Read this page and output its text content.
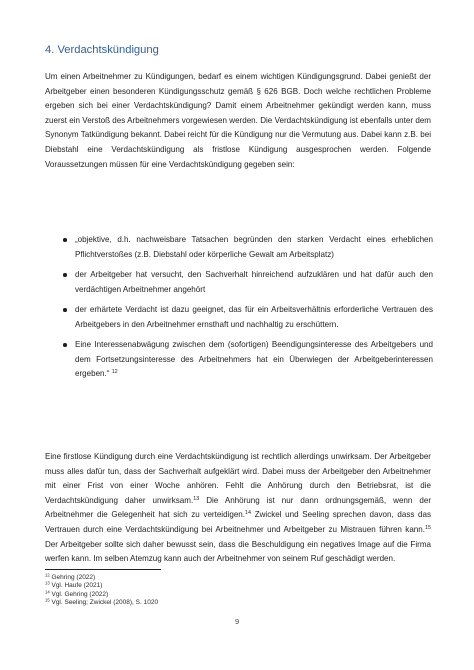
4. Verdachtskündigung

Um einen Arbeitnehmer zu Kündigungen, bedarf es einem wichtigen Kündigungsgrund. Dabei genießt der Arbeitgeber einen besonderen Kündigungsschutz gemäß § 626 BGB. Doch welche rechtlichen Probleme ergeben sich bei einer Verdachtskündigung? Damit einem Arbeitnehmer gekündigt werden kann, muss zuerst ein Verstoß des Arbeitnehmers vorgewiesen werden. Die Verdachtskündigung ist ebenfalls unter dem Synonym Tatkündigung bekannt. Dabei reicht für die Kündigung nur die Vermutung aus. Dabei kann z.B. bei Diebstahl eine Verdachtskündigung als fristlose Kündigung ausgesprochen werden. Folgende Voraussetzungen müssen für eine Verdachtskündigung gegeben sein:

„objektive, d.h. nachweisbare Tatsachen begründen den starken Verdacht eines erheblichen Pflichtverstoßes (z.B. Diebstahl oder körperliche Gewalt am Arbeitsplatz)
der Arbeitgeber hat versucht, den Sachverhalt hinreichend aufzuklären und hat dafür auch den verdächtigen Arbeitnehmer angehört
der erhärtete Verdacht ist dazu geeignet, das für ein Arbeitsverhältnis erforderliche Vertrauen des Arbeitgebers in den Arbeitnehmer ernsthaft und nachhaltig zu erschüttern.
Eine Interessenabwägung zwischen dem (sofortigen) Beendigungsinteresse des Arbeitgebers und dem Fortsetzungsinteresse des Arbeitnehmers hat ein Überwiegen der Arbeitgeberinteressen ergeben.“ $^{12}$

Eine firstlose Kündigung durch eine Verdachtskündigung ist rechtlich allerdings unwirksam. Der Arbeitgeber muss alles dafür tun, dass der Sachverhalt aufgeklärt wird. Dabei muss der Arbeitgeber den Arbeitnehmer mit einer Frist von einer Woche anhören. Fehlt die Anhörung durch den Betriebsrat, ist die Verdachtskündigung daher unwirksam.$^{13}$ Die Anhörung ist nur dann ordnungsgemäß, wenn der Arbeitnehmer die Gelegenheit hat sich zu verteidigen.$^{14}$ Zwickel und Seeling sprechen davon, dass das Vertrauen durch eine Verdachtskündigung bei Arbeitnehmer und Arbeitgeber zu Mistrauen führen kann.$^{15}$ Der Arbeitgeber sollte sich daher bewusst sein, dass die Beschuldigung ein negatives Image auf die Firma werfen kann. Im selben Atemzug kann auch der Arbeitnehmer von seinem Ruf geschädigt werden.

$^{12}$ Gehring (2022)
$^{13}$ Vgl. Haufe (2021)
$^{14}$ Vgl. Gehring (2022)
$^{15}$ Vgl. Seeling; Zwickel (2008), S. 1020
9
